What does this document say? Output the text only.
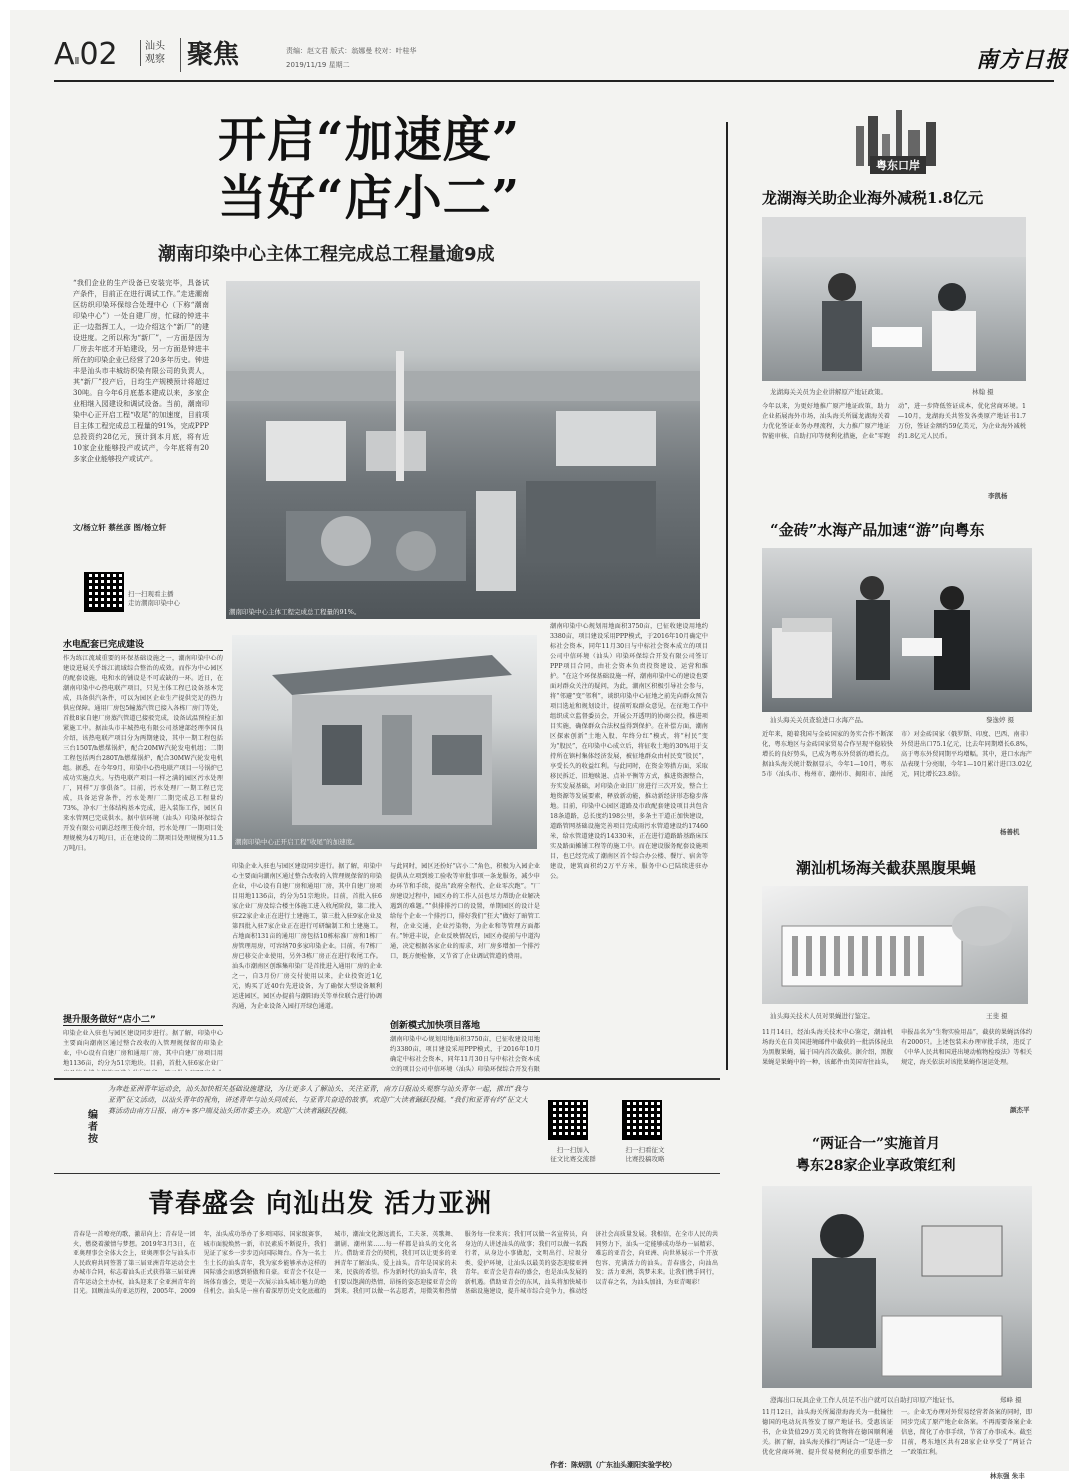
AⅡ02	汕头
观察 聚焦	责编：赵文君 版式：翁娜曼 校对：叶桂华
2019/11/19 星期二	南方日报
开启“加速度”
当好“店小二”
潮南印染中心主体工程完成总工程量逾9成
“我们企业的生产设备已安装完毕，具备试产条件，目前正在进行调试工作。”走进潮南区纺织印染环保综合处理中心（下称“潮南印染中心”）一处自建厂房，忙碌的钟进丰正一边指挥工人，一边介绍这个“新厂”的建设进度。之所以称为“新厂”，一方面是因为厂房去年底才开始建设，另一方面是钟进丰所在的印染企业已经营了20多年历史。钟进丰是汕头市丰城纺织染有限公司的负责人，其“新厂”投产后，日均生产规模预计将超过30吨。自今年6月底基本建成以来，多家企业相继入园建设和调试设备。当前，潮南印染中心正开启工程“收尾”的加速度，目前项目主体工程完成总工程量的91%，完成PPP总投资约28亿元，预计到本月底，将有近10家企业能够投产或试产，今年底将有20多家企业能够投产或试产。
文/杨立轩 蔡丝彦 图/杨立轩
扫一扫观看主播
走访潮南印染中心
潮南印染中心主体工程完成总工程量的91%。
水电配套已完成建设
作为练江流域重要的环保基础设施之一，潮南印染中心的建设进展关乎练江流域综合整治的成效。而作为中心园区的配套设施，电和水的铺设是不可或缺的一环。近日，在潮南印染中心热电联产项目，只见主体工程已设备基本完成，具备供汽条件，可以为园区企业生产提供完足的热力供应保障。通用厂房包5幢蒸汽管已接入各栋厂房门等处，首批8家自建厂房蒸汽管道已接驳完成，设备试温预检正加紧施工中。据汕头市丰城热电有限公司基建部经理李国良介绍，该热电联产项目分为两期建设，其中一期工程包括三台150T/h燃煤锅炉，配合20MW汽轮发电机组；二期工程包括两台280T/h燃煤锅炉，配合30MW汽轮发电机组。据悉，在今年9月，印染中心热电联产项目一号锅炉已成功实施点火。与热电联产项目一样之满的园区污水处理厂，同样“万事俱备”。目前，污水处理厂一期工程已完成，具备运营条件，污水处理厂二期完成总工程量约73%，净水厂主体结构基本完成，进入装饰工作，园区自来水管网已完成供水。据中信环境（汕头）印染环保综合开发有限公司副总经理王俊介绍，污水处理厂一期项目处理规模为4万吨/日，正在建设的二期项目处理规模为11.5万吨/日。
提升服务做好“店小二”
印染企业入驻也与园区建设同步进行。据了解，印染中心主要面向潮南区通过整合改收的入管理规保留的印染企业，中心设有自建厂房和通用厂房，其中自建厂房项目用地1136亩，约分为51宗地块。目前，首批入驻6家企业厂
潮南印染中心正开启工程“收尾”的加速度。
印染企业入驻也与园区建设同步进行。据了解，印染中心主要面向潮南区通过整合改收的入管理规保留的印染企业，中心设有自建厂房和通用厂房，其中自建厂房项目用地1136亩，约分为51宗地块。目前，首批入驻6家企业厂房及综合楼主体施工进入收尾阶段，第二批入驻22家企业正在进行土建施工，第三批入驻9家企业及第四批入驻7家企业正在进行可研编制工和土建施工。占地面积131亩的通用厂房包括10栋标准厂房和1栋厂房管理用房，可容纳70多家印染企业。目前，有7栋厂房已移交企业使用，另外3栋厂房正在进行收尾工作。汕头市潮南区创维集印染厂是首批进入通用厂房的企业之一，自3月份厂房交付使用以来，企业投资近1亿元，购买了近40台先进设备，为了确保大型设备顺利运进园区，园区办提前与潮阳海关等单位联合进行协调沟通，为企业设备入园打开绿色通道。
与此同时，园区还扮好“店小二”角色，积极为入园企业提供从立项到竣工验收等审批事项一条龙服务，减少申办环节和手续，提出“政府全程代、企业零次跑”。“厂房建设过程中，园区办的工作人员也尽力帮助企业解决遇到的难题。”“供排排污口的设置，单期园区的设计是给每个企业一个排污口，排好我们“狂大”做好了暗管工程，企业交通，企业污染物，为企业和等管理方面都有。”钟进丰说，企业反映情况后，园区办提前与中道沟通，决定根据各家企业的需求，对厂房多增加一个排污口，既方便检修，又节省了企业调试管道的费用。
创新模式加快项目落地
潮南印染中心规划用地面积3750亩，已征收建设用地约3380亩，项目建设采用PPP模式，于2016年10月确定中标社会资本，同年11月30日与中标社会资本成立的项目公司中信环境（汕头）印染环保综合开发有限
潮南印染中心规划用地面积3750亩，已征收建设用地约3380亩，项目建设采用PPP模式，于2016年10月确定中标社会资本，同年11月30日与中标社会资本成立的项目公司中信环境（汕头）印染环保综合开发有限公司签订PPP项目合同，由社会资本负责投资建设、运营和维护。“在这个环保基础设施一样，潮南印染中心的建设也要面对群众关注的疑问，为此，潮南区积极引导社会参与，将“邻避”变“邻利”，谈织印染中心征地之前先向群众预告项目选址和规划设计，提前听取群众意见，在征地工作中组织成立监督委员会，开展公开透明的协商公投，推进项目实施，确保群众合法权益得到保护。在补偿方面，潮南区探索创新“土地入股、年终分红”模式，将“村民”变为“股民”，在印染中心成立后，将征收土地的30%用于支持所在镇村集体经济发展，被征地群众由村民变“股民”，享受长久的收益红利。与此同时，在资金筹措方面，采取移民拆迁、旧地赎退、点补平衡等方式，推进资源整合，夯实发展基础，对印染企业旧厂房进行三次开发，整合土地资源等发展要素，释放新动能，推动新经济形态稳步落地。目前，印染中心园区道路及市政配套建设项目共包含18条道路，总长度约198公里，多条主干道正加快建设，道路管网基础设施完善项目完成雨污水管道建设约17460米，给水管道建设约14330米，正在进行道路路基路床压实及路面摊铺工程等的施工中。而在建设服务配套设施项目，也已经完成了潮南区首个综合办公楼、餐厅、宿舍等建设，建筑面积约2万平方米，服务中心已陆续进驻办公。
粤东口岸
龙湖海关助企业海外减税1.8亿元
龙湖海关关员为企业讲解原产地证政策。	林翰 摄
今年以来，为更好地推广原产地证政策，助力企业拓展海外市场，汕头海关所属龙湖海关着力优化签证业务办理流程，大力推广原产地证智能审核、自助打印等便利化措施，企业“零跑动”，进一步降低签证成本，优化营商环境。1—10月，龙湖海关共签发各类原产地证书1.7万份，签证金额约59亿美元，为企业海外减税约1.8亿元人民币。
李凯杨
“金砖”水海产品加速“游”向粤东
汕头海关关员查验进口水海产品。	黎逸婷 摄
近年来，随着我国与金砖国家的务实合作不断深化，粤东地区与金砖国家贸易合作呈现平稳较快增长的良好势头，已成为粤东外贸新的增长点。据汕头海关统计数据显示，今年1—10月，粤东5市（汕头市、梅州市、潮州市、揭阳市、汕尾市）对金砖国家（俄罗斯、印度、巴西、南非）外贸进出口75.1亿元，比去年同期增长6.8%，高于粤东外贸同期平均增幅。其中，进口水海产品表现十分亮眼，今年1—10月累计进口3.02亿元，同比增长23.8倍。
杨善机
潮汕机场海关截获黑腹果蝇
汕头海关技术人员对果蝇进行鉴定。	王斐 摄
11月14日，经汕头海关技术中心鉴定，潮汕机场海关在自美国进境邮件中截获的一批活体昆虫为黑腹果蝇，属于国内首次截获。据介绍，黑腹果蝇是果蝇中的一种，该邮件由美国寄往汕头，申报品名为“生物实验用品”，截获的果蝇活体约有2000只。上述包装未办理审批手续，违反了《中华人民共和国进出境动植物检疫法》等相关规定，海关依法对该批果蝇作退运处理。
颜杰平
“两证合一”实施首月
粤东28家企业享政策红利
澄海出口玩具企业工作人员足不出户就可以自助打印原产地证书。	郑峰 摄
11月12日，汕头海关所属澄海海关为一批输往德国的电动玩具签发了原产地证书。受惠该证书，企业货值29万美元的货物将在德国顺利通关。据了解，汕头海关推行“两证合一”是进一步优化营商环境、提升贸易便利化的重要举措之一。企业无办理对外贸易经营者备案的同时，即同步完成了原产地企业备案。不再需要备案企业信息，简化了办事手续，节省了办事成本。截至目前，粤东地区共有28家企业享受了“两证合一”政策红利。
林东强 朱丰
编者按
为奔赴亚洲青年运动会，汕头加快相关基础设施建设，为让更多人了解汕头、关注亚青，南方日报汕头观察与汕头青年一起，推出“我与亚青”征文活动，以汕头青年的视角，讲述青年与汕头同成长、与亚青共奋进的故事。欢迎广大读者踊跃投稿。“我们和亚青有约”征文大赛活动由南方日报、南方+客户端及汕头团市委主办。欢迎广大读者踊跃投稿。
扫一扫加入
征文比赛交流群
扫一扫看征文
比赛投稿攻略
青春盛会 向汕出发 活力亚洲
青春是一首嘹亮的歌，激昂向上；青春是一团火，燃烧着激情与梦想。2019年3月3日，在亚奥理事会全体大会上，亚奥理事会与汕头市人民政府共同签署了第三届亚洲青年运动会主办城市合同，标志着汕头正式获得第三届亚洲青年运动会主办权，汕头迎来了全亚洲青年的目光。回顾汕头的亚运历程，2005年、2009年，汕头成功举办了多项国际、国家级赛事，城市面貌焕然一新，市民素质不断提升，我们见证了家乡一步步迈向国际舞台。作为一名土生土长的汕头青年，我为家乡能够承办这样的国际盛会而感到骄傲和自豪。亚青会不仅是一场体育盛会，更是一次展示汕头城市魅力的绝佳机会。汕头是一座有着深厚历史文化底蕴的城市，潮汕文化源远流长，工夫茶、英歌舞、潮剧、潮州菜……每一样都是汕头的文化名片。借助亚青会的契机，我们可以让更多的亚洲青年了解汕头、爱上汕头。青年是国家的未来，民族的希望。作为新时代的汕头青年，我们要以饱满的热情、昂扬的姿态迎接亚青会的到来。我们可以做一名志愿者，用微笑和热情服务每一位来宾；我们可以做一名宣传员，向身边的人讲述汕头的故事；我们可以做一名践行者，从身边小事做起，文明出行、垃圾分类、爱护环境，让汕头以最美的姿态迎接亚洲青年。亚青会是青春的盛会，也是汕头发展的新机遇。借助亚青会的东风，汕头将加快城市基础设施建设，提升城市综合竞争力，推动经济社会高质量发展。我相信，在全市人民的共同努力下，汕头一定能够成功举办一届精彩、难忘的亚青会，向亚洲、向世界展示一个开放包容、充满活力的汕头。青春盛会，向汕出发；活力亚洲，筑梦未来。让我们携手同行，以青春之名，为汕头加油，为亚青喝彩！
作者：陈炳凯（广东汕头潮阳实验学校）
